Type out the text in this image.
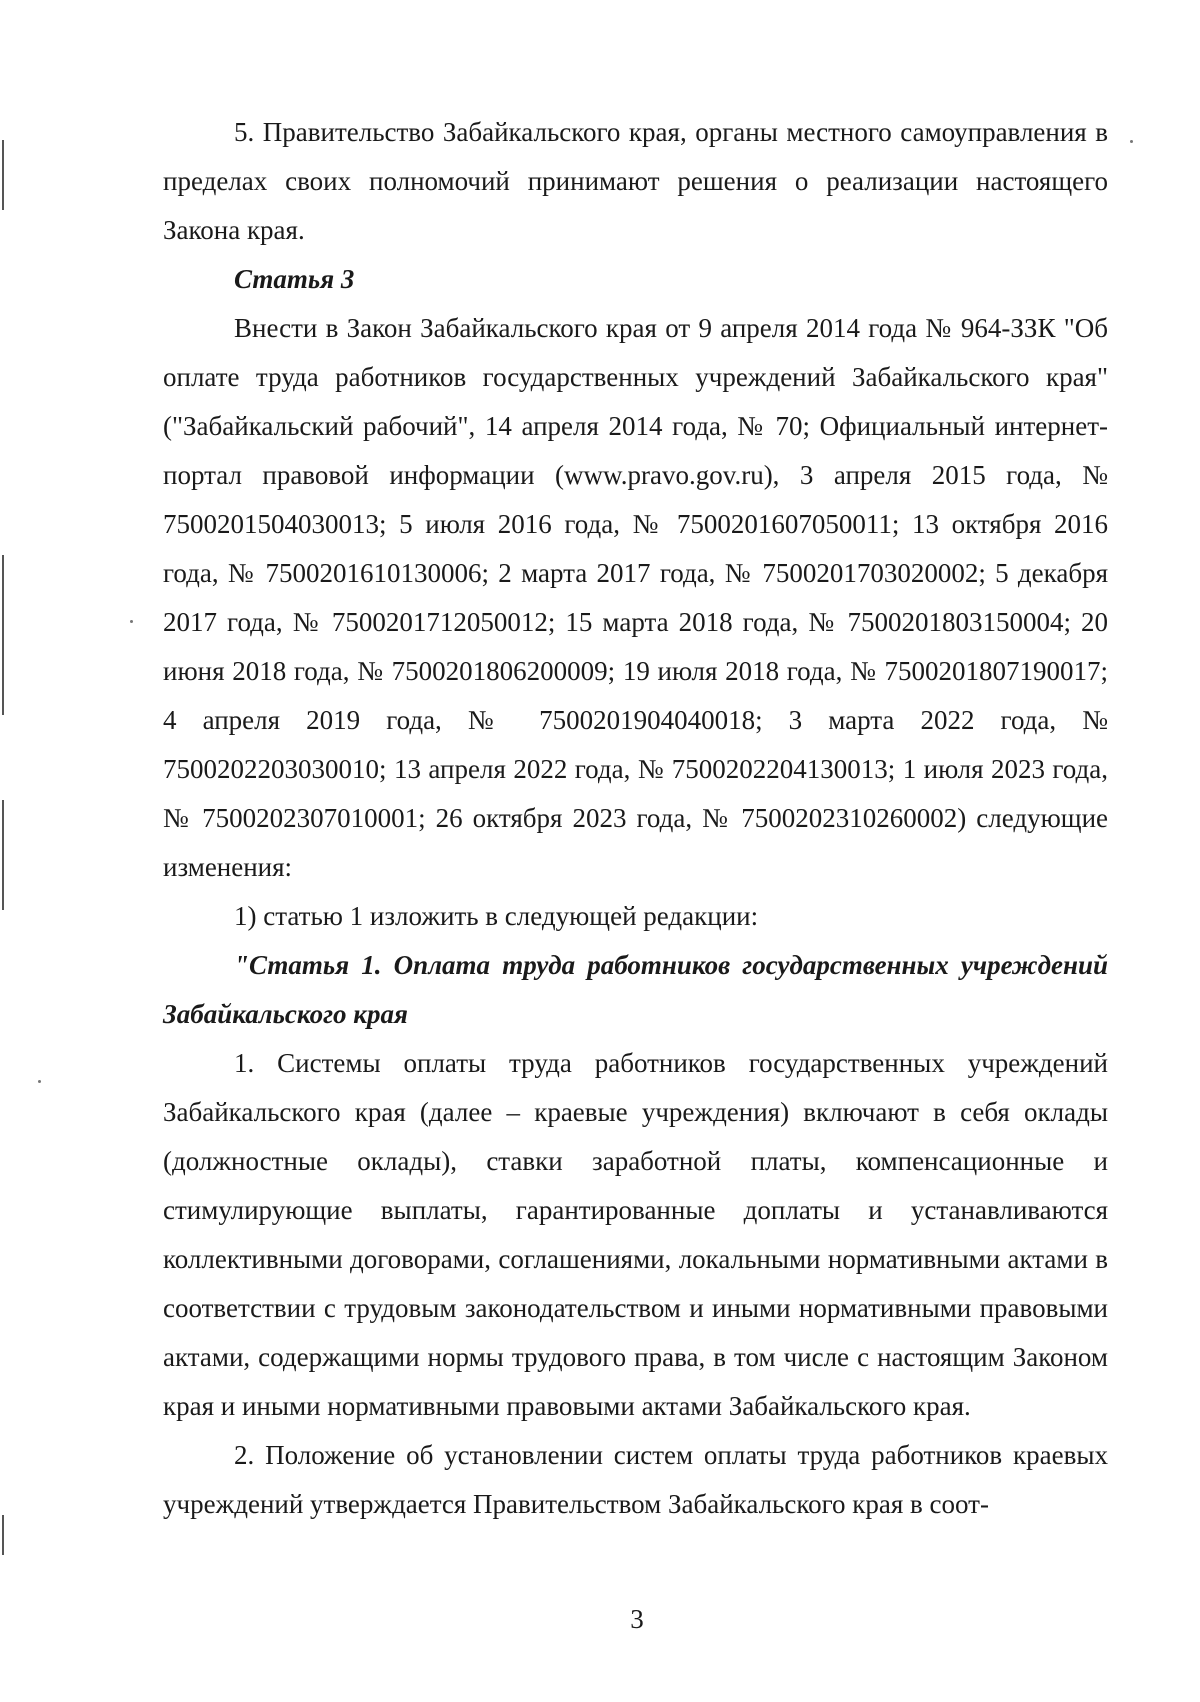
5. Правительство Забайкальского края, органы местного самоуправления в пределах своих полномочий принимают решения о реализации настоящего Закона края.

Статья 3

Внести в Закон Забайкальского края от 9 апреля 2014 года № 964-ЗЗК "Об оплате труда работников государственных учреждений Забайкальского края" ("Забайкальский рабочий", 14 апреля 2014 года, № 70; Официальный интернет-портал правовой информации (www.pravo.gov.ru), 3 апреля 2015 года, № 7500201504030013; 5 июля 2016 года, № 7500201607050011; 13 октября 2016 года, № 7500201610130006; 2 марта 2017 года, № 7500201703020002; 5 декабря 2017 года, № 7500201712050012; 15 марта 2018 года, № 7500201803150004; 20 июня 2018 года, № 7500201806200009; 19 июля 2018 года, № 7500201807190017; 4 апреля 2019 года, № 7500201904040018; 3 марта 2022 года, № 7500202203030010; 13 апреля 2022 года, № 7500202204130013; 1 июля 2023 года, № 7500202307010001; 26 октября 2023 года, № 7500202310260002) следующие изменения:

1) статью 1 изложить в следующей редакции:

"Статья 1. Оплата труда работников государственных учреждений Забайкальского края

1. Системы оплаты труда работников государственных учреждений Забайкальского края (далее – краевые учреждения) включают в себя оклады (должностные оклады), ставки заработной платы, компенсационные и стимулирующие выплаты, гарантированные доплаты и устанавливаются коллективными договорами, соглашениями, локальными нормативными актами в соответствии с трудовым законодательством и иными нормативными правовыми актами, содержащими нормы трудового права, в том числе с настоящим Законом края и иными нормативными правовыми актами Забайкальского края.

2. Положение об установлении систем оплаты труда работников краевых учреждений утверждается Правительством Забайкальского края в соот-

3
